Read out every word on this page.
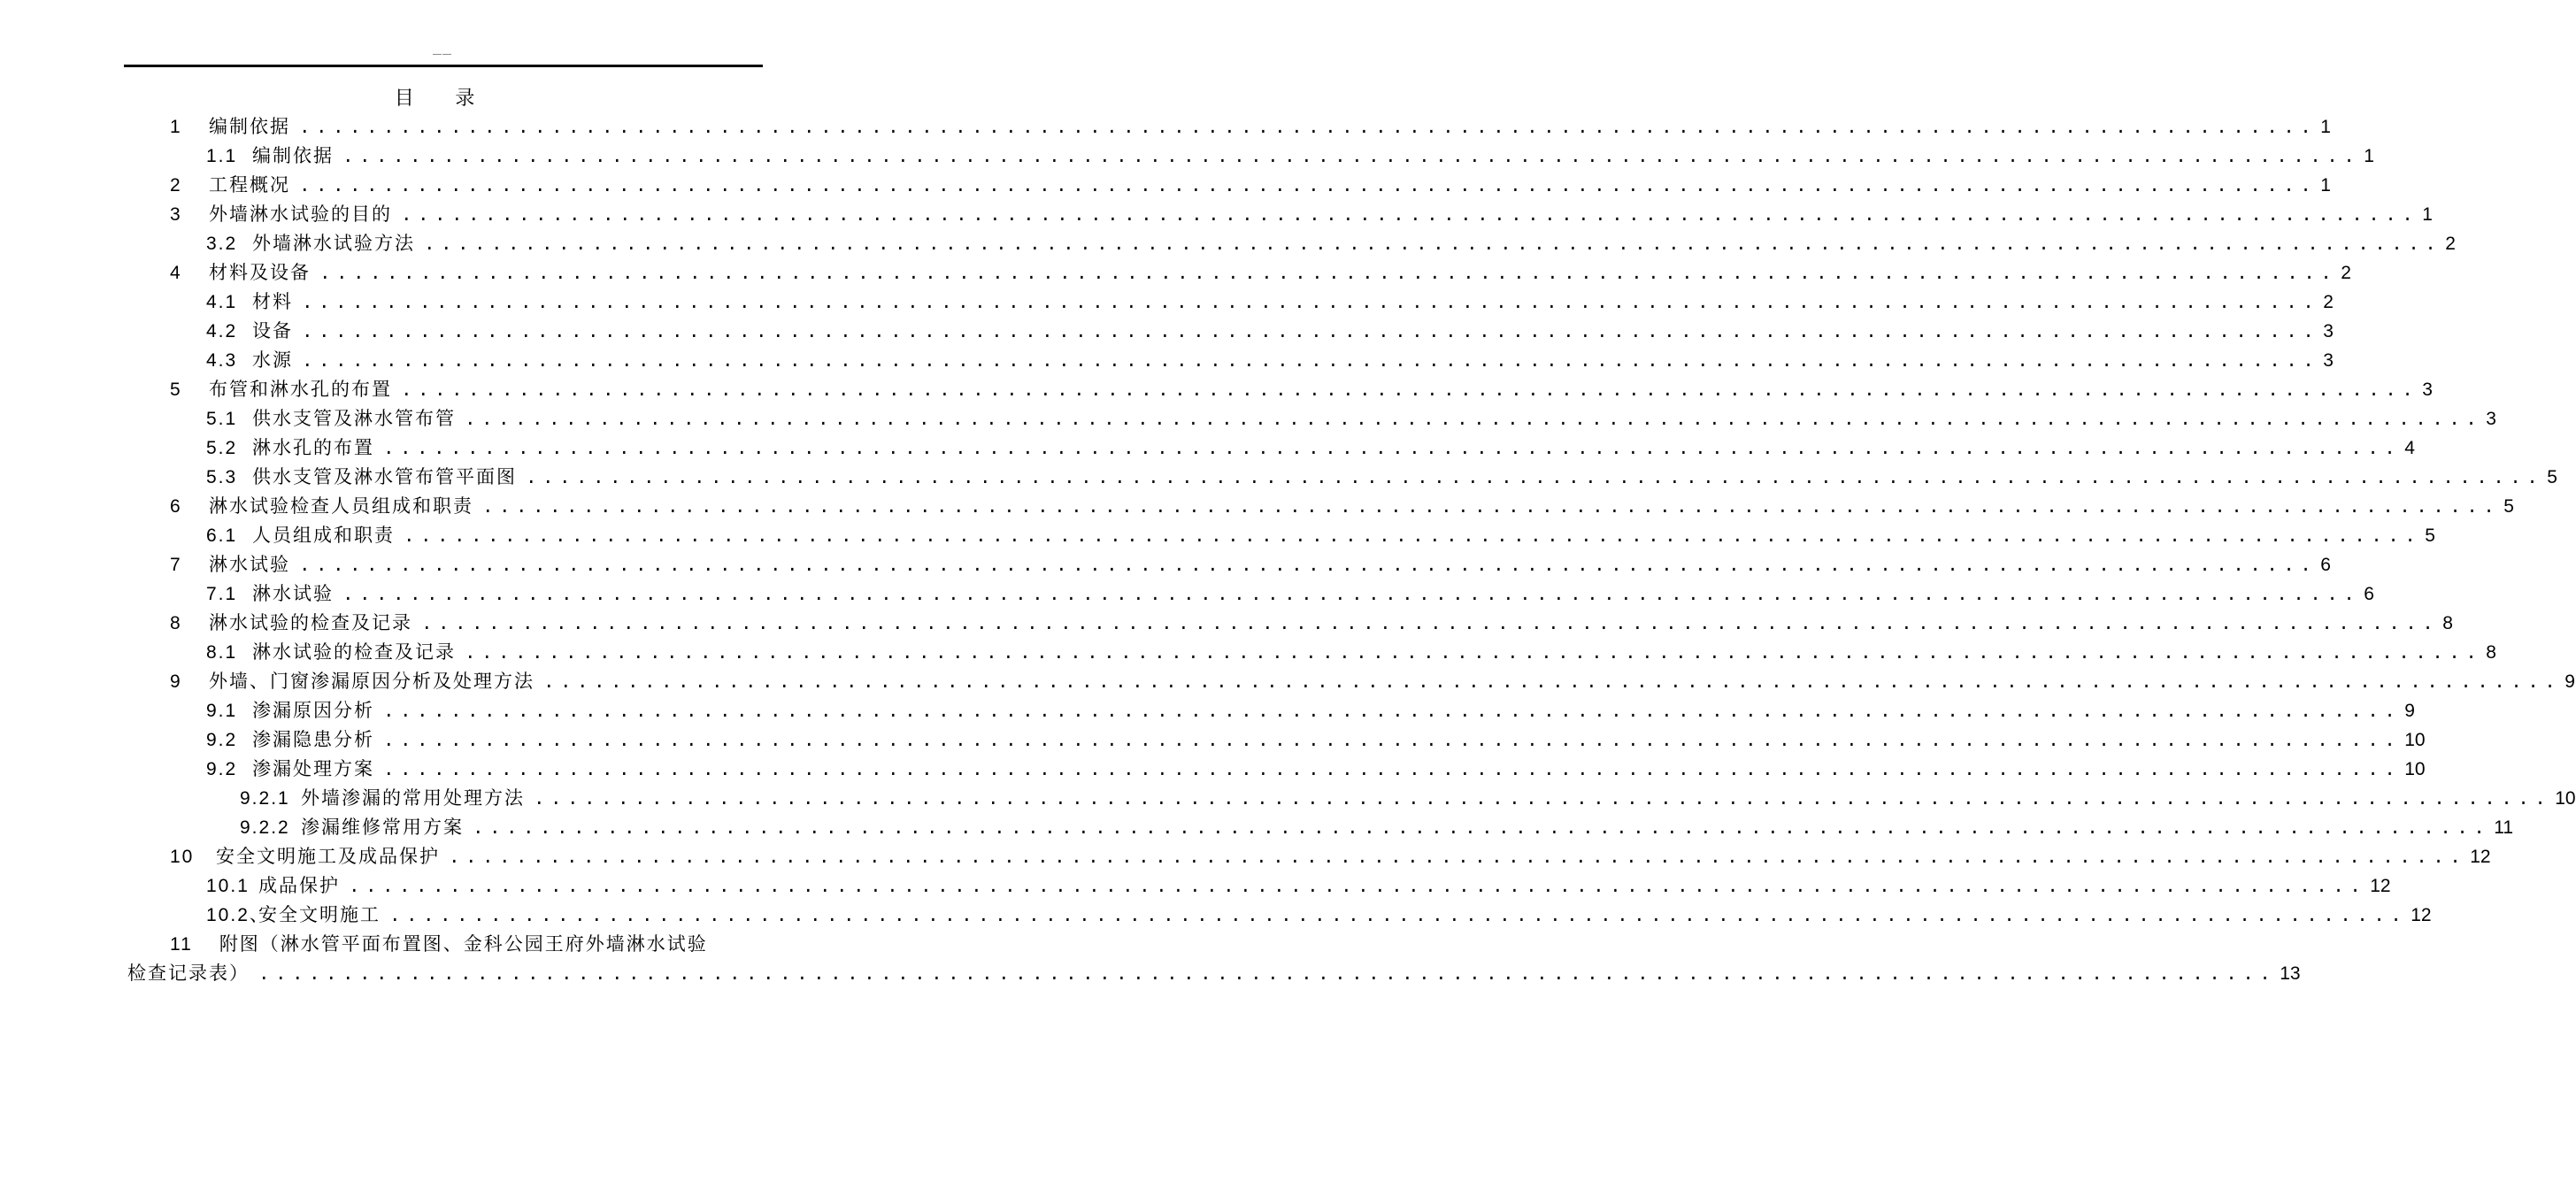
——
目 录
1 编制依据 ........................................................................................................................ 1
1.1 编制依据 ........................................................................................................................ 1
2 工程概况 ........................................................................................................................ 1
3 外墙淋水试验的目的 ........................................................................................................................ 1
3.2 外墙淋水试验方法 ........................................................................................................................ 2
4 材料及设备 ........................................................................................................................ 2
4.1 材料 ........................................................................................................................ 2
4.2 设备 ........................................................................................................................ 3
4.3 水源 ........................................................................................................................ 3
5 布管和淋水孔的布置 ........................................................................................................................ 3
5.1 供水支管及淋水管布管 ........................................................................................................................ 3
5.2 淋水孔的布置 ........................................................................................................................ 4
5.3 供水支管及淋水管布管平面图 ........................................................................................................................ 5
6 淋水试验检查人员组成和职责 ........................................................................................................................ 5
6.1 人员组成和职责 ........................................................................................................................ 5
7 淋水试验 ........................................................................................................................ 6
7.1 淋水试验 ........................................................................................................................ 6
8 淋水试验的检查及记录 ........................................................................................................................ 8
8.1 淋水试验的检查及记录 ........................................................................................................................ 8
9 外墙、门窗渗漏原因分析及处理方法 ........................................................................................................................ 9
9.1 渗漏原因分析 ........................................................................................................................ 9
9.2 渗漏隐患分析 ........................................................................................................................ 10
9.2 渗漏处理方案 ........................................................................................................................ 10
9.2.1 外墙渗漏的常用处理方法 ........................................................................................................................ 10
9.2.2 渗漏维修常用方案 ........................................................................................................................ 11
10 安全文明施工及成品保护 ........................................................................................................................ 12
10.1 成品保护 ........................................................................................................................ 12
10.2、
安全文明施工 ........................................................................................................................ 12
11 附图（淋水管平面布置图、金科公园王府外墙淋水试验
检查记录表） ........................................................................................................................ 13
